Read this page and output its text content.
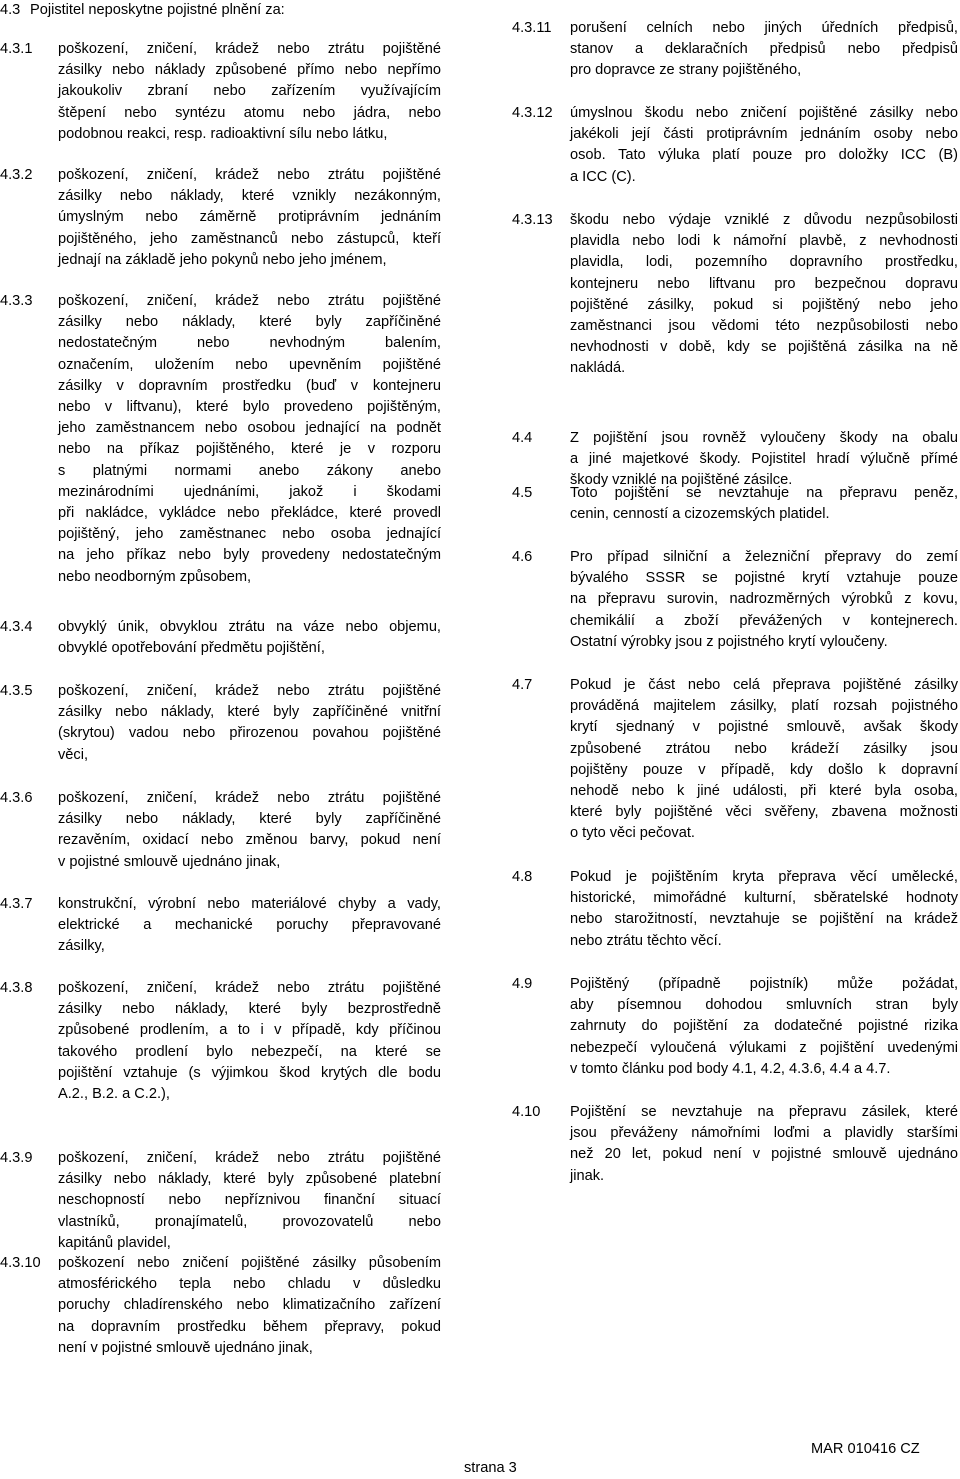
4.3 Pojistitel neposkytne pojistné plnění za:
4.3.1 poškození, zničení, krádež nebo ztrátu pojištěné
zásilky nebo náklady způsobené přímo nebo nepřímo
jakoukoliv zbraní nebo zařízením využívajícím
štěpení nebo syntézu atomu nebo jádra, nebo
podobnou reakci, resp. radioaktivní sílu nebo látku,
4.3.2 poškození, zničení, krádež nebo ztrátu pojištěné
zásilky nebo náklady, které vznikly nezákonným,
úmyslným nebo záměrně protiprávním jednáním
pojištěného, jeho zaměstnanců nebo zástupců, kteří
jednají na základě jeho pokynů nebo jeho jménem,
4.3.3 poškození, zničení, krádež nebo ztrátu pojištěné
zásilky nebo náklady, které byly zapříčiněné
nedostatečným nebo nevhodným balením,
označením, uložením nebo upevněním pojištěné
zásilky v dopravním prostředku (buď v kontejneru
nebo v liftvanu), které bylo provedeno pojištěným,
jeho zaměstnancem nebo osobou jednající na podnět
nebo na příkaz pojištěného, které je v rozporu
s platnými normami anebo zákony anebo
mezinárodními ujednáními, jakož i škodami
při nakládce, vykládce nebo překládce, které provedl
pojištěný, jeho zaměstnanec nebo osoba jednající
na jeho příkaz nebo byly provedeny nedostatečným
nebo neodborným způsobem,
4.3.4 obvyklý únik, obvyklou ztrátu na váze nebo objemu,
obvyklé opotřebování předmětu pojištění,
4.3.5 poškození, zničení, krádež nebo ztrátu pojištěné
zásilky nebo náklady, které byly zapříčiněné vnitřní
(skrytou) vadou nebo přirozenou povahou pojištěné
věci,
4.3.6 poškození, zničení, krádež nebo ztrátu pojištěné
zásilky nebo náklady, které byly zapříčiněné
rezavěním, oxidací nebo změnou barvy, pokud není
v pojistné smlouvě ujednáno jinak,
4.3.7 konstrukční, výrobní nebo materiálové chyby a vady,
elektrické a mechanické poruchy přepravované
zásilky,
4.3.8 poškození, zničení, krádež nebo ztrátu pojištěné
zásilky nebo náklady, které byly bezprostředně
způsobené prodlením, a to i v případě, kdy příčinou
takového prodlení bylo nebezpečí, na které se
pojištění vztahuje (s výjimkou škod krytých dle bodu
A.2., B.2. a C.2.),
4.3.9 poškození, zničení, krádež nebo ztrátu pojištěné
zásilky nebo náklady, které byly způsobené platební
neschopností nebo nepříznivou finanční situací
vlastníků, pronajímatelů, provozovatelů nebo
kapitánů plavidel,
4.3.10 poškození nebo zničení pojištěné zásilky působením
atmosférického tepla nebo chladu v důsledku
poruchy chladírenského nebo klimatizačního zařízení
na dopravním prostředku během přepravy, pokud
není v pojistné smlouvě ujednáno jinak,
4.3.11 porušení celních nebo jiných úředních předpisů,
stanov a deklaračních předpisů nebo předpisů
pro dopravce ze strany pojištěného,
4.3.12 úmyslnou škodu nebo zničení pojištěné zásilky nebo
jakékoli její části protiprávním jednáním osoby nebo
osob. Tato výluka platí pouze pro doložky ICC (B)
a ICC (C).
4.3.13 škodu nebo výdaje vzniklé z důvodu nezpůsobilosti
plavidla nebo lodi k námořní plavbě, z nevhodnosti
plavidla, lodi, pozemního dopravního prostředku,
kontejneru nebo liftvanu pro bezpečnou dopravu
pojištěné zásilky, pokud si pojištěný nebo jeho
zaměstnanci jsou vědomi této nezpůsobilosti nebo
nevhodnosti v době, kdy se pojištěná zásilka na ně
nakládá.
4.4	Z pojištění jsou rovněž vyloučeny škody na obalu
a jiné majetkové škody. Pojistitel hradí výlučně přímé
škody vzniklé na pojištěné zásilce.
4.5	Toto pojištění se nevztahuje na přepravu peněz,
cenin, cenností a cizozemských platidel.
4.6	Pro případ silniční a železniční přepravy do zemí
bývalého SSSR se pojistné krytí vztahuje pouze
na přepravu surovin, nadrozměrných výrobků z kovu,
chemikálií a zboží převážených v kontejnerech.
Ostatní výrobky jsou z pojistného krytí vyloučeny.
4.7	Pokud je část nebo celá přeprava pojištěné zásilky
prováděná majitelem zásilky, platí rozsah pojistného
krytí sjednaný v pojistné smlouvě, avšak škody
způsobené ztrátou nebo krádeží zásilky jsou
pojištěny pouze v případě, kdy došlo k dopravní
nehodě nebo k jiné události, při které byla osoba,
které byly pojištěné věci svěřeny, zbavena možnosti
o tyto věci pečovat.
4.8	Pokud je pojištěním kryta přeprava věcí umělecké,
historické, mimořádné kulturní, sběratelské hodnoty
nebo starožitností, nevztahuje se pojištění na krádež
nebo ztrátu těchto věcí.
4.9	Pojištěný (případně pojistník) může požádat,
aby písemnou dohodou smluvních stran byly
zahrnuty do pojištění za dodatečné pojistné rizika
nebezpečí vyloučená výlukami z pojištění uvedenými
v tomto článku pod body 4.1, 4.2, 4.3.6, 4.4 a 4.7.
4.10 Pojištění se nevztahuje na přepravu zásilek, které
jsou převáženy námořními loďmi a plavidly staršími
než 20 let, pokud není v pojistné smlouvě ujednáno
jinak.
strana 3
MAR 010416 CZ
